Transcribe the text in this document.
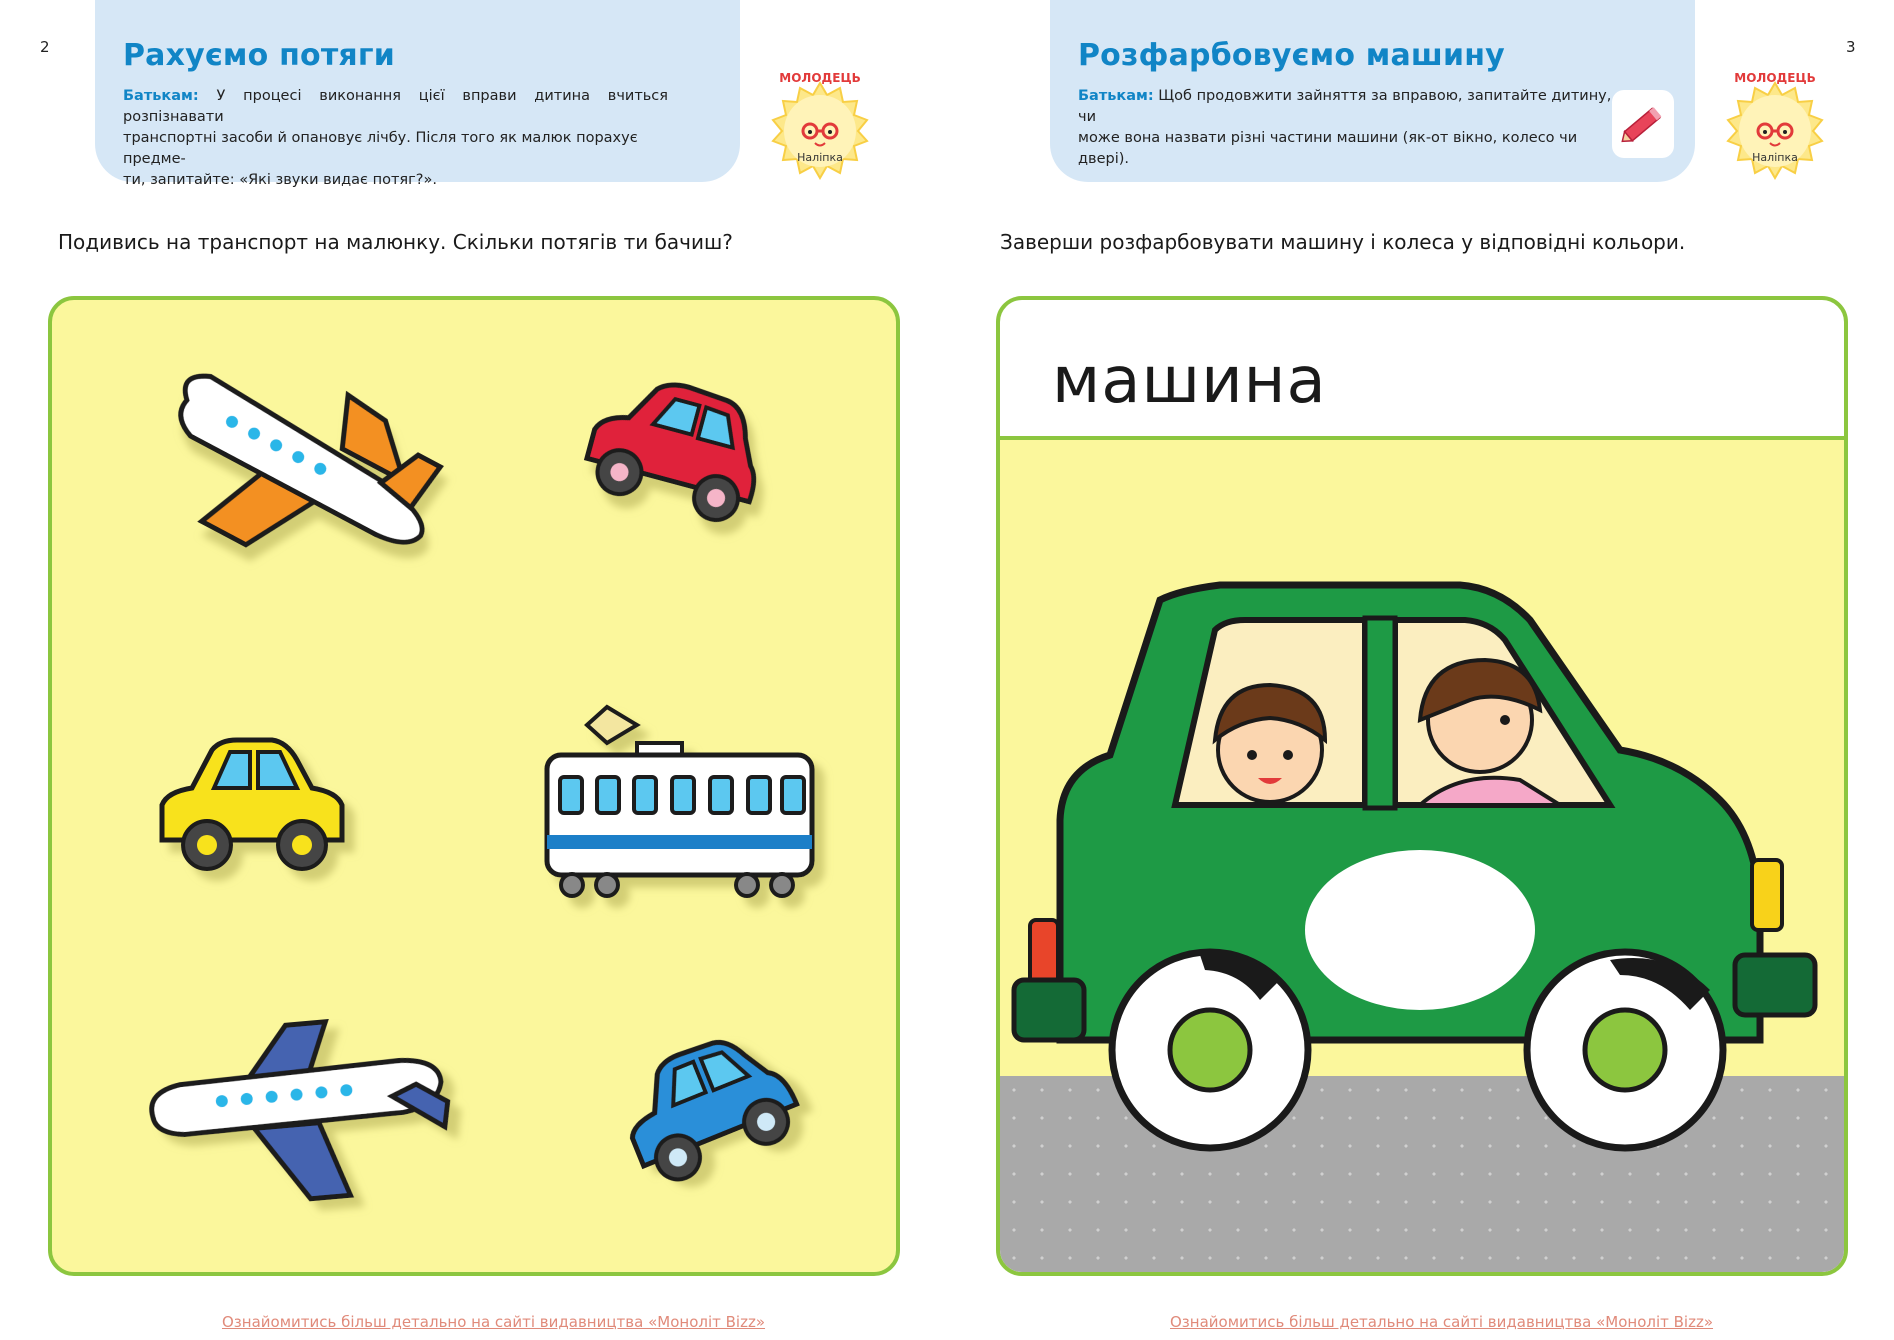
2 Рахуємо потяги
Батькам: У процесі виконання цієї вправи дитина вчиться розпізнавати
транспортні засоби й опановує лічбу. Після того як малюк порахує предме-
ти, запитайте: «Які звуки видає потяг?».
МОЛОДЕЦЬ
Наліпка
Подивись на транспорт на малюнку. Скільки потягів ти бачиш?
Ознайомитись більш детально на сайті видавництва «Моноліт Bizz»
3
Розфарбовуємо машину
Батькам: Щоб продовжити зайняття за вправою, запитайте дитину, чи
може вона назвати різні частини машини (як-от вікно, колесо чи двері).
МОЛОДЕЦЬ
Наліпка
Заверши розфарбовувати машину і колеса у відповідні кольори.
машина
Ознайомитись більш детально на сайті видавництва «Моноліт Bizz»
